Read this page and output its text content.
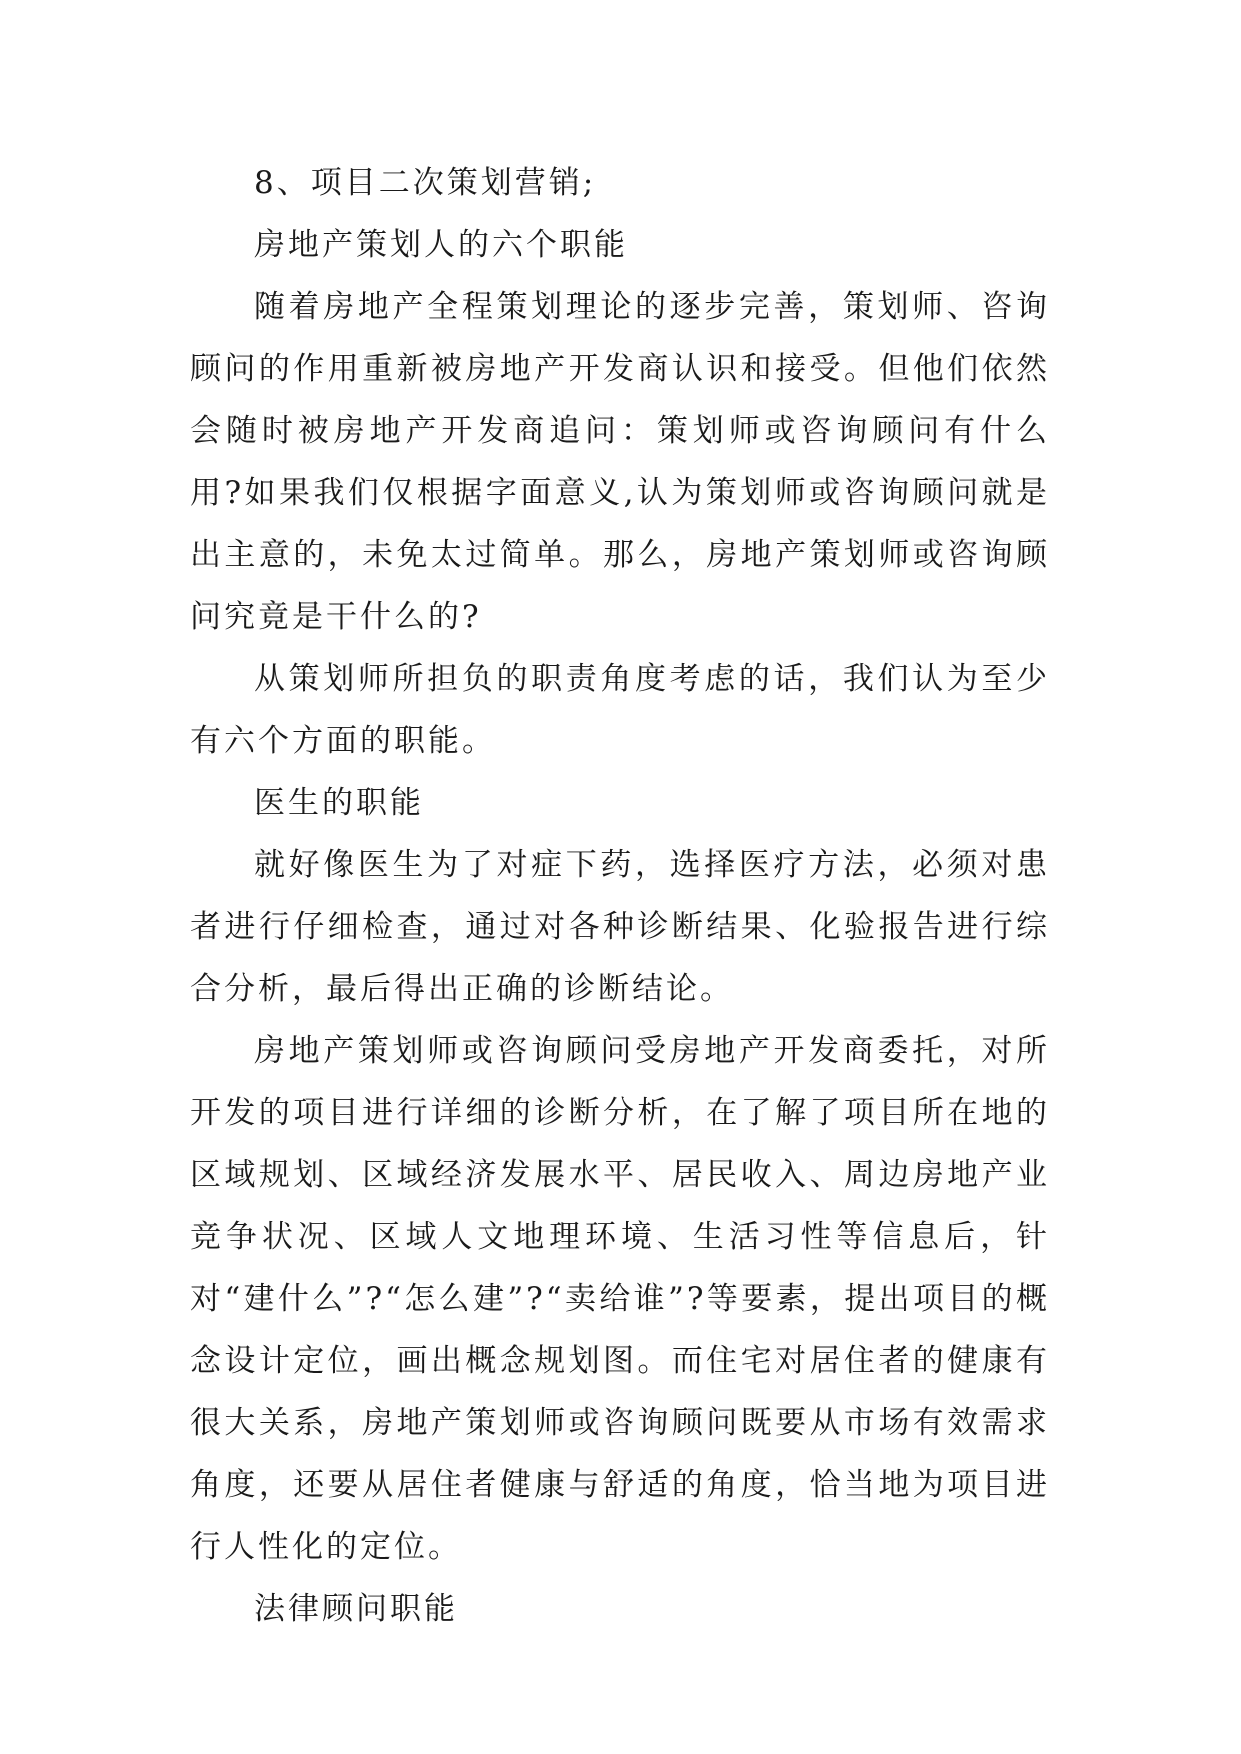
8、项目二次策划营销;

房地产策划人的六个职能

随着房地产全程策划理论的逐步完善，策划师、咨询顾问的作用重新被房地产开发商认识和接受。但他们依然会随时被房地产开发商追问：策划师或咨询顾问有什么用?如果我们仅根据字面意义,认为策划师或咨询顾问就是出主意的，未免太过简单。那么，房地产策划师或咨询顾问究竟是干什么的?

从策划师所担负的职责角度考虑的话，我们认为至少有六个方面的职能。

医生的职能

就好像医生为了对症下药，选择医疗方法，必须对患者进行仔细检查，通过对各种诊断结果、化验报告进行综合分析，最后得出正确的诊断结论。

房地产策划师或咨询顾问受房地产开发商委托，对所开发的项目进行详细的诊断分析，在了解了项目所在地的区域规划、区域经济发展水平、居民收入、周边房地产业竞争状况、区域人文地理环境、生活习性等信息后，针对“建什么”?“怎么建”?“卖给谁”?等要素，提出项目的概念设计定位，画出概念规划图。而住宅对居住者的健康有很大关系，房地产策划师或咨询顾问既要从市场有效需求角度，还要从居住者健康与舒适的角度，恰当地为项目进行人性化的定位。

法律顾问职能
